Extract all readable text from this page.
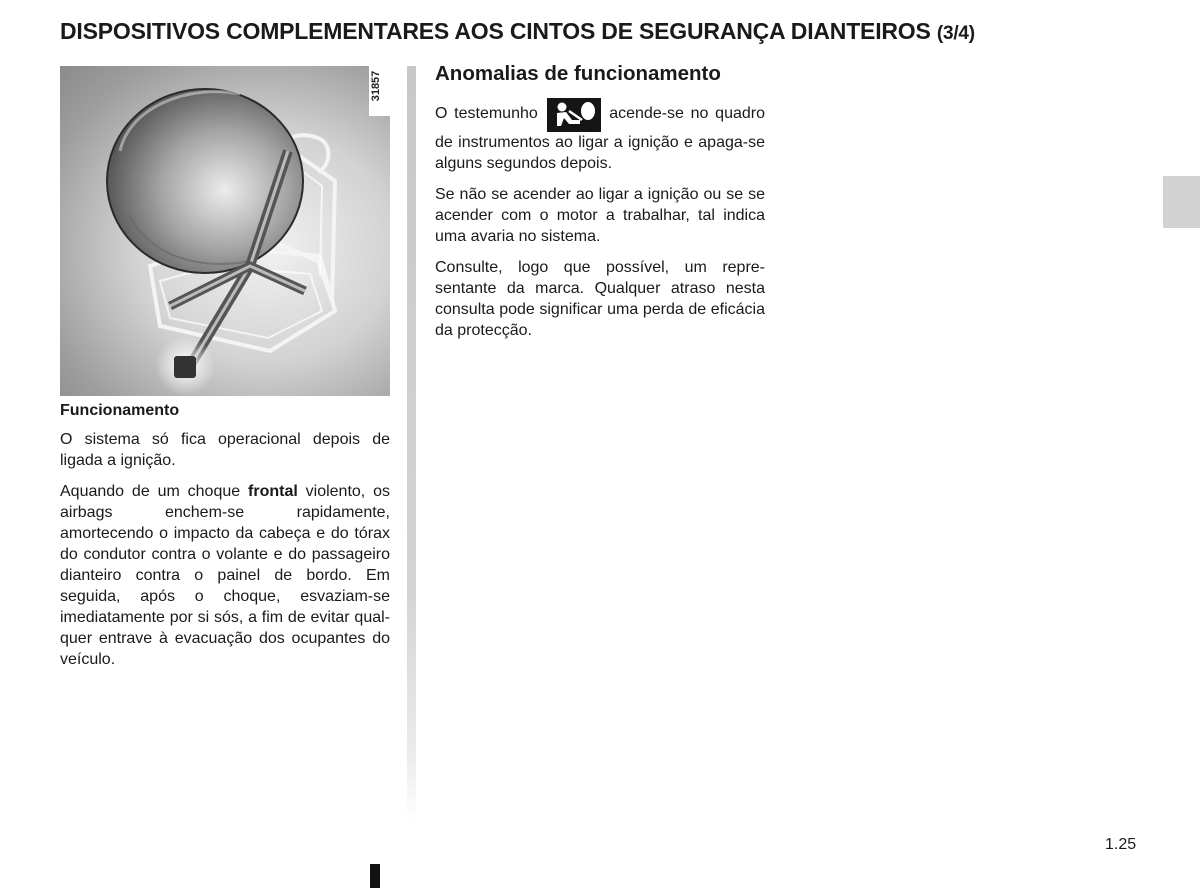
DISPOSITIVOS COMPLEMENTARES AOS CINTOS DE SEGURANÇA DIANTEIROS (3/4)
31857
Funcionamento

O sistema só fica operacional depois de ligada a ignição.

Aquando de um choque frontal violento, os airbags enchem-se rapidamente, amortecendo o impacto da cabeça e do tórax do condutor contra o volante e do passageiro dianteiro contra o painel de bordo. Em seguida, após o choque, esvaziam-se imediatamente por si sós, a fim de evitar qualquer entrave à evacuação dos ocupantes do veículo.

Anomalias de funcionamento

O testemunho	acende-se no quadro de instrumentos ao ligar a ignição e apaga-se alguns segundos depois.

Se não se acender ao ligar a ignição ou se se acender com o motor a trabalhar, tal indica uma avaria no sistema.

Consulte, logo que possível, um representante da marca. Qualquer atraso nesta consulta pode significar uma perda de eficácia da protecção.

1.25
